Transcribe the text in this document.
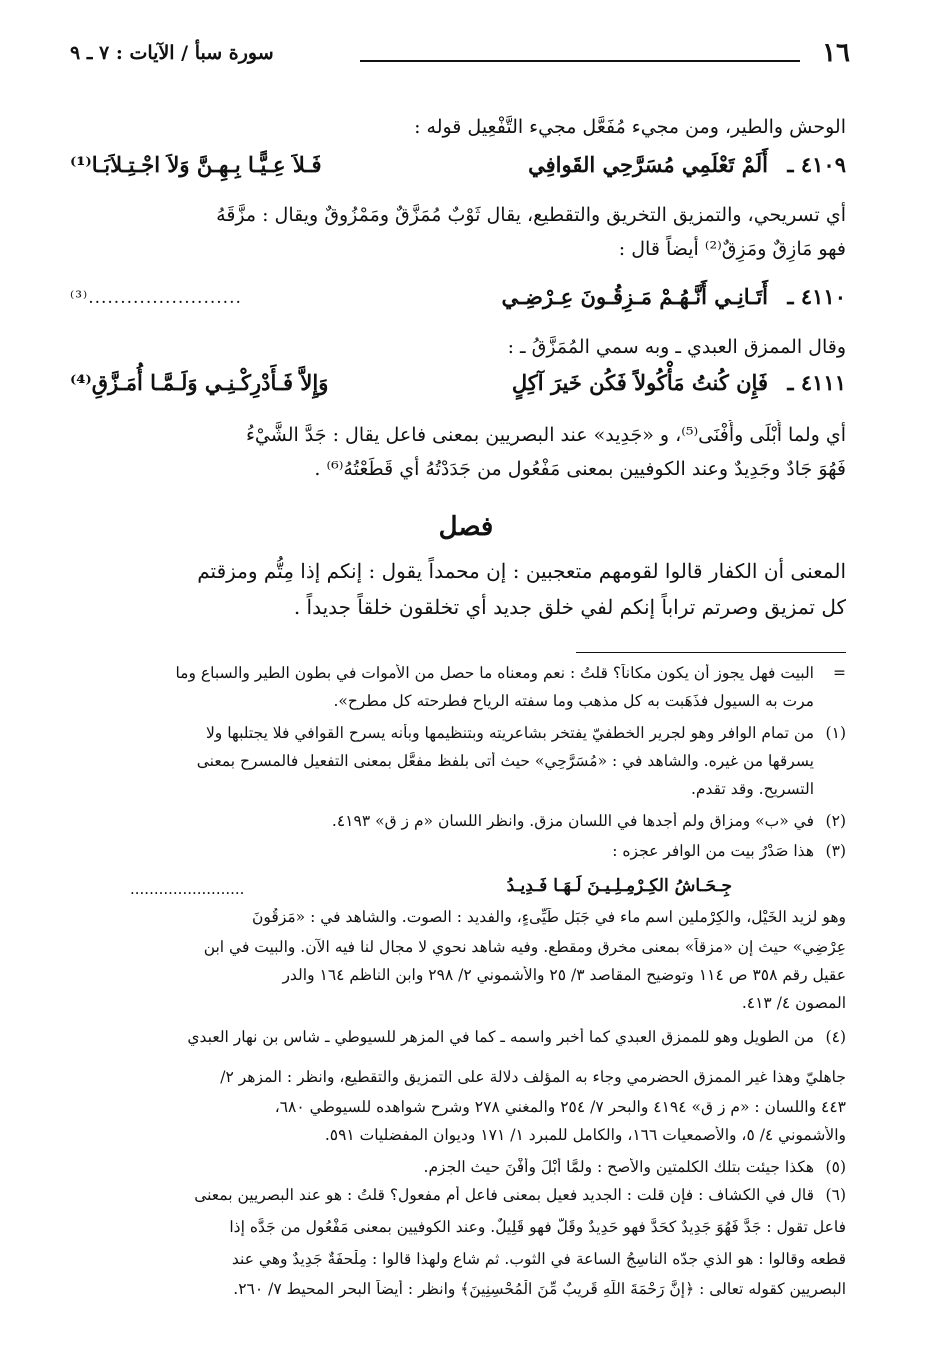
١٦
سورة سبأ / الآيات : ٧ ـ ٩
الوحش والطير، ومن مجيء مُفَعَّل مجيء التَّفْعِيل قوله :
٤١٠٩ ـ
أَلَمْ تَعْلَمِي مُسَرَّحِي القَوافِي
فَـلاَ عِـيًّـا بِـهِـنَّ وَلاَ اجْـتِـلاَبَـا⁽¹⁾
أي تسريحي، والتمزيق التخريق والتقطيع، يقال ثَوْبٌ مُمَزَّقٌ ومَمْزُوقٌ ويقال : مزَّقَهُ
فهو مَازِقٌ ومَزِقٌ⁽²⁾ أيضاً قال :
٤١١٠ ـ
أَتَـانِـي أَنَّـهُـمْ مَـزِقُـونَ عِـرْضِـي
........................⁽³⁾
وقال الممزق العبدي ـ وبه سمي المُمَزَّقُ ـ :
٤١١١ ـ
فَإِن كُنتُ مَأْكُولاً فَكُن خَيرَ آكِلٍ
وَإِلاَّ فَـأَدْرِكْـنِـي وَلَـمَّـا أُمَـزَّقِ⁽⁴⁾
أي ولما أُبْلَى وأُفْنَى⁽⁵⁾، و «جَدِيد» عند البصريين بمعنى فاعل يقال : جَدَّ الشَّيْءُ
فَهُوَ جَادٌ وجَدِيدٌ وعند الكوفيين بمعنى مَفْعُول من جَدَدْتُهُ أي قَطَعْتُهُ⁽⁶⁾ .
فصل
المعنى أن الكفار قالوا لقومهم متعجبين : إن محمداً يقول : إنكم إذا مِتُّم ومزقتم
كل تمزيق وصرتم تراباً إنكم لفي خلق جديد أي تخلقون خلقاً جديداً .
=
البيت فهل يجوز أن يكون مكاناً؟ قلتُ : نعم ومعناه ما حصل من الأموات في بطون الطير والسباع وما
مرت به السيول فذَهَبت به كل مذهب وما سفته الرياح فطرحته كل مطرح».
(١)
من تمام الوافر وهو لجرير الخطفيّ يفتخر بشاعريته وبتنظيمها وبأنه يسرح القوافي فلا يجتلبها ولا
يسرقها من غيره. والشاهد في : «مُسَرَّحِي» حيث أتى بلفظ مفعَّل بمعنى التفعيل فالمسرح بمعنى
التسريح. وقد تقدم.
(٢)
في «ب» ومزاق ولم أجدها في اللسان مزق. وانظر اللسان «م ز ق» ٤١٩٣.
(٣)
هذا صَدْرُ بيت من الوافر عجزه :
جِـحَـاشُ الكِـرْمِـلِـيـنَ لَـهَـا فَـدِيـدُ
........................
وهو لزيد الخَيْل، والكِرْملين اسم ماء في جَبَلِ طَيِّىءٍ، والفديد : الصوت. والشاهد في : «مَزِقُونَ
عِرْضِي» حيث إن «مزقاً» بمعنى مخرق ومقطع. وفيه شاهد نحوي لا مجال لنا فيه الآن. والبيت في ابن
عقيل رقم ٣٥٨ ص ١١٤ وتوضيح المقاصد ٣/ ٢٥ والأشموني ٢/ ٢٩٨ وابن الناظم ١٦٤ والدر
المصون ٤/ ٤١٣.
(٤)
من الطويل وهو للممزق العبدي كما أخبر واسمه ـ كما في المزهر للسيوطي ـ شاس بن نهار العبدي
جاهليّ وهذا غير الممزق الحضرمي وجاء به المؤلف دلالة على التمزيق والتقطيع، وانظر : المزهر ٢/
٤٤٣ واللسان : «م ز ق» ٤١٩٤ والبحر ٧/ ٢٥٤ والمغني ٢٧٨ وشرح شواهده للسيوطي ٦٨٠،
والأشموني ٤/ ٥، والأصمعيات ١٦٦، والكامل للمبرد ١/ ١٧١ وديوان المفضليات ٥٩١.
(٥)
هكذا جيئت بتلك الكلمتين والأصح : ولمَّا أُبْلَ وأُفْنَ حيث الجزم.
(٦)
قال في الكشاف : فإن قلت : الجديد فعيل بمعنى فاعل أم مفعول؟ قلتُ : هو عند البصريين بمعنى
فاعل تقول : جَدَّ فَهُوَ جَدِيدٌ كحَدَّ فهو حَدِيدٌ وقَلَّ فهو قَلِيلٌ. وعند الكوفيين بمعنى مَفْعُول من جَدَّه إذا
قطعه وقالوا : هو الذي جدّه الناسِجُ الساعة في الثوب. ثم شاع ولهذا قالوا : مِلْحفَةٌ جَدِيدٌ وهي عند
البصريين كقوله تعالى : ﴿إِنَّ رَحْمَةَ اللَّهِ قَرِيبٌ مِّنَ الْمُحْسِنِينَ﴾ وانظر : أيضاً البحر المحيط ٧/ ٢٦٠.
